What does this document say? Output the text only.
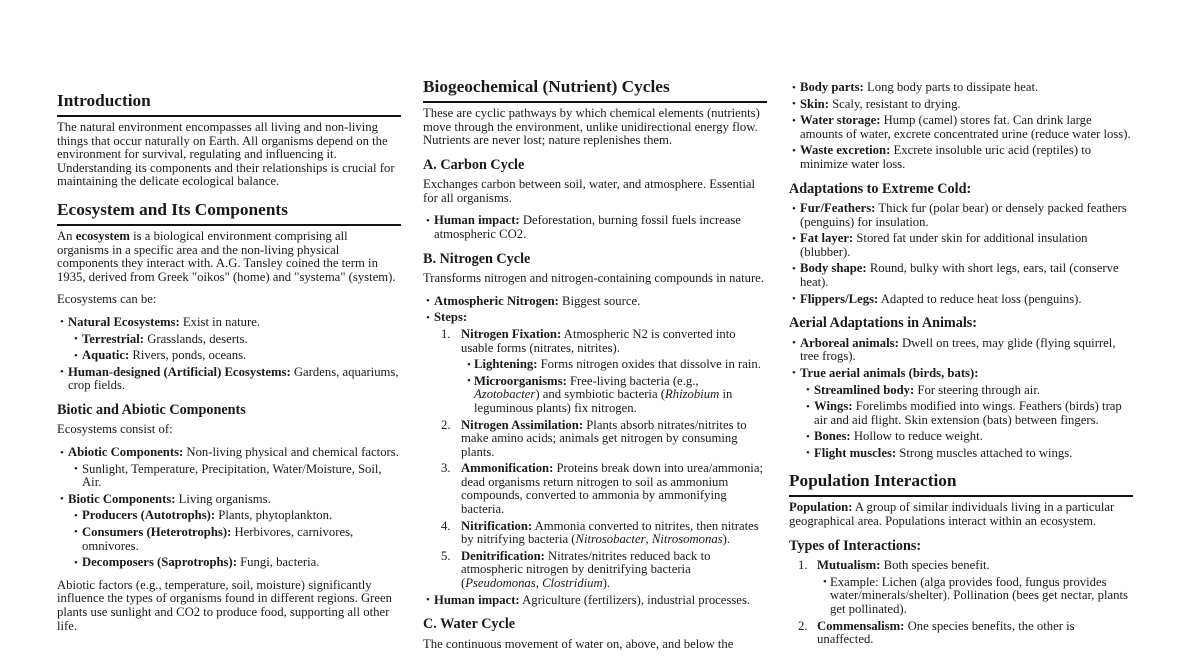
Introduction

The natural environment encompasses all living and non-living things that occur naturally on Earth. All organisms depend on the environment for survival, regulating and influencing it. Understanding its components and their relationships is crucial for maintaining the delicate ecological balance.

Ecosystem and Its Components

An ecosystem is a biological environment comprising all organisms in a specific area and the non-living physical components they interact with. A.G. Tansley coined the term in 1935, derived from Greek "oikos" (home) and "systema" (system).

Ecosystems can be:

• Natural Ecosystems: Exist in nature.
• Terrestrial: Grasslands, deserts.
• Aquatic: Rivers, ponds, oceans.
• Human-designed (Artificial) Ecosystems: Gardens, aquariums, crop fields.
Biotic and Abiotic Components

Ecosystems consist of:

• Abiotic Components: Non-living physical and chemical factors.
• Sunlight, Temperature, Precipitation, Water/Moisture, Soil, Air.
• Biotic Components: Living organisms.
• Producers (Autotrophs): Plants, phytoplankton.
• Consumers (Heterotrophs): Herbivores, carnivores, omnivores.
• Decomposers (Saprotrophs): Fungi, bacteria.

Abiotic factors (e.g., temperature, soil, moisture) significantly influence the types of organisms found in different regions. Green plants use sunlight and CO2 to produce food, supporting all other life.

Biogeochemical (Nutrient) Cycles

These are cyclic pathways by which chemical elements (nutrients) move through the environment, unlike unidirectional energy flow. Nutrients are never lost; nature replenishes them.

A. Carbon Cycle

Exchanges carbon between soil, water, and atmosphere. Essential for all organisms.

• Human impact: Deforestation, burning fossil fuels increase atmospheric CO2.
B. Nitrogen Cycle

Transforms nitrogen and nitrogen-containing compounds in nature.

• Atmospheric Nitrogen: Biggest source.
• Steps:
Nitrogen Fixation: Atmospheric N2 is converted into usable forms (nitrates, nitrites).
• Lightening: Forms nitrogen oxides that dissolve in rain.
• Microorganisms: Free-living bacteria (e.g., Azotobacter) and symbiotic bacteria (Rhizobium in leguminous plants) fix nitrogen.
Nitrogen Assimilation: Plants absorb nitrates/nitrites to make amino acids; animals get nitrogen by consuming plants.
Ammonification: Proteins break down into urea/ammonia; dead organisms return nitrogen to soil as ammonium compounds, converted to ammonia by ammonifying bacteria.
Nitrification: Ammonia converted to nitrites, then nitrates by nitrifying bacteria (Nitrosobacter, Nitrosomonas).
Denitrification: Nitrates/nitrites reduced back to atmospheric nitrogen by denitrifying bacteria (Pseudomonas, Clostridium).
• Human impact: Agriculture (fertilizers), industrial processes.
C. Water Cycle

The continuous movement of water on, above, and below the

• Body parts: Long body parts to dissipate heat.
• Skin: Scaly, resistant to drying.
• Water storage: Hump (camel) stores fat. Can drink large amounts of water, excrete concentrated urine (reduce water loss).
• Waste excretion: Excrete insoluble uric acid (reptiles) to minimize water loss.
Adaptations to Extreme Cold:
• Fur/Feathers: Thick fur (polar bear) or densely packed feathers (penguins) for insulation.
• Fat layer: Stored fat under skin for additional insulation (blubber).
• Body shape: Round, bulky with short legs, ears, tail (conserve heat).
• Flippers/Legs: Adapted to reduce heat loss (penguins).
Aerial Adaptations in Animals:
• Arboreal animals: Dwell on trees, may glide (flying squirrel, tree frogs).
• True aerial animals (birds, bats):
• Streamlined body: For steering through air.
• Wings: Forelimbs modified into wings. Feathers (birds) trap air and aid flight. Skin extension (bats) between fingers.
• Bones: Hollow to reduce weight.
• Flight muscles: Strong muscles attached to wings.
Population Interaction

Population: A group of similar individuals living in a particular geographical area. Populations interact within an ecosystem.

Types of Interactions:
Mutualism: Both species benefit.
• Example: Lichen (alga provides food, fungus provides water/minerals/shelter). Pollination (bees get nectar, plants get pollinated).
Commensalism: One species benefits, the other is unaffected.
